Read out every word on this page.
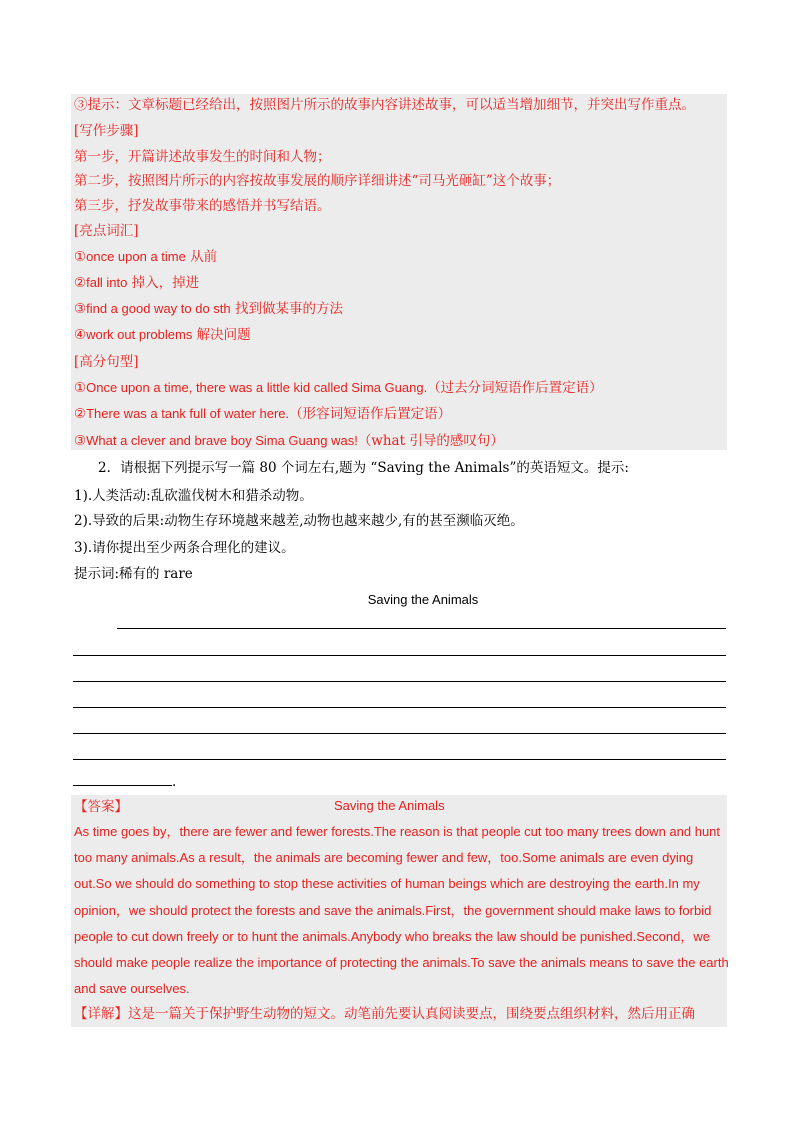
③提示：文章标题已经给出，按照图片所示的故事内容讲述故事，可以适当增加细节，并突出写作重点。
[写作步骤]
第一步，开篇讲述故事发生的时间和人物；
第二步，按照图片所示的内容按故事发展的顺序详细讲述“司马光砸缸”这个故事；
第三步，抒发故事带来的感悟并书写结语。
[亮点词汇]
①once upon a time 从前
②fall into 掉入，掉进
③find a good way to do sth 找到做某事的方法
④work out problems 解决问题
[高分句型]
①Once upon a time, there was a little kid called Sima Guang.（过去分词短语作后置定语）
②There was a tank full of water here.（形容词短语作后置定语）
③What a clever and brave boy Sima Guang was!（what 引导的感叹句）
2．请根据下列提示写一篇 80 个词左右,题为 “Saving the Animals”的英语短文。提示:
1).人类活动:乱砍滥伐树木和猎杀动物。
2).导致的后果:动物生存环境越来越差,动物也越来越少,有的甚至濒临灭绝。
3).请你提出至少两条合理化的建议。
提示词:稀有的 rare
Saving the Animals
.
【答案】	Saving the Animals
As time goes by，there are fewer and fewer forests.The reason is that people cut too many trees down and hunt
too many animals.As a result，the animals are becoming fewer and few，too.Some animals are even dying
out.So we should do something to stop these activities of human beings which are destroying the earth.In my
opinion，we should protect the forests and save the animals.First，the government should make laws to forbid
people to cut down freely or to hunt the animals.Anybody who breaks the law should be punished.Second，we
should make people realize the importance of protecting the animals.To save the animals means to save the earth
and save ourselves.
【详解】这是一篇关于保护野生动物的短文。动笔前先要认真阅读要点，围绕要点组织材料，然后用正确
